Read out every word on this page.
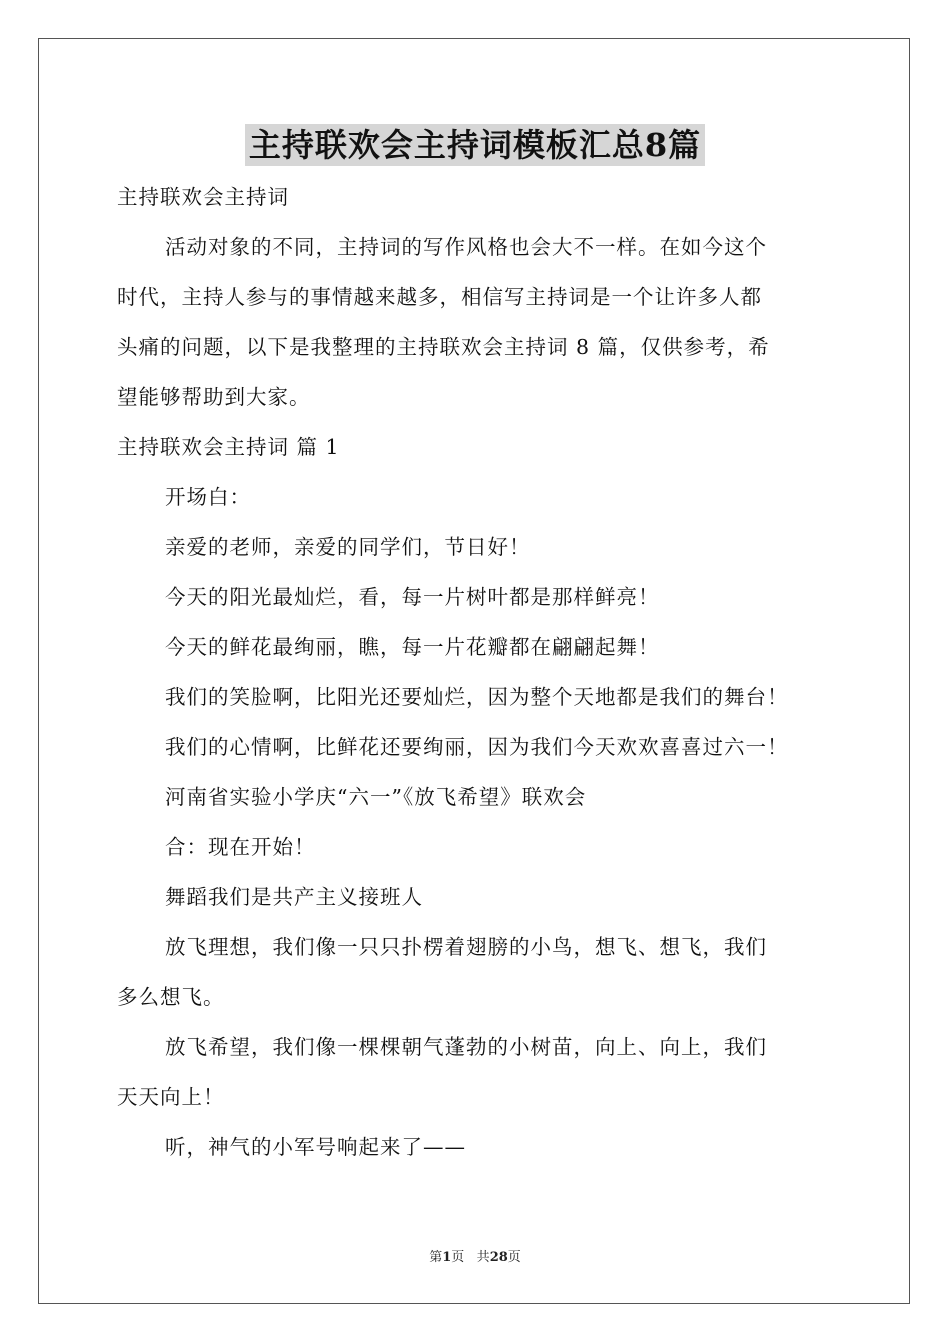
主持联欢会主持词模板汇总8篇

主持联欢会主持词

活动对象的不同，主持词的写作风格也会大不一样。在如今这个

时代，主持人参与的事情越来越多，相信写主持词是一个让许多人都

头痛的问题，以下是我整理的主持联欢会主持词 8 篇，仅供参考，希

望能够帮助到大家。

主持联欢会主持词 篇 1

开场白：

亲爱的老师，亲爱的同学们，节日好！

今天的阳光最灿烂，看，每一片树叶都是那样鲜亮！

今天的鲜花最绚丽，瞧，每一片花瓣都在翩翩起舞！

我们的笑脸啊，比阳光还要灿烂，因为整个天地都是我们的舞台！

我们的心情啊，比鲜花还要绚丽，因为我们今天欢欢喜喜过六一！

河南省实验小学庆“六一”《放飞希望》联欢会

合：现在开始！

舞蹈我们是共产主义接班人

放飞理想，我们像一只只扑楞着翅膀的小鸟，想飞、想飞，我们

多么想飞。

放飞希望，我们像一棵棵朝气蓬勃的小树苗，向上、向上，我们

天天向上！

听，神气的小军号响起来了——

第1页 共28页
